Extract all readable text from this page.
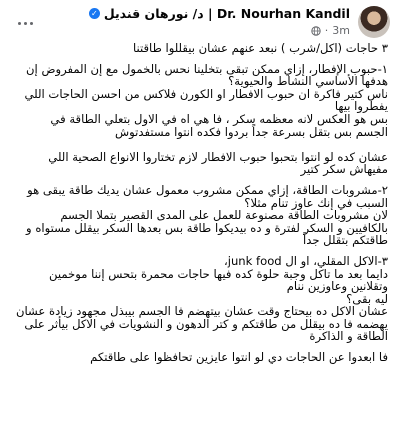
Dr. Nourhan Kandil | د/ نورهان قنديل
✓
3m
·

٣ حاجات (اكل/شرب ) نبعد عنهم عشان بيقللوا طاقتنا

١-حبوب الإفطار، إزاي ممكن تبقى بتخلينا نحس بالخمول مع إن المفروض إن
هدفها الأساسي النشاط والحيوية؟
ناس كتير فاكرة ان حبوب الافطار او الكورن فلاكس من احسن الحاجات اللي
يفطروا بيها
بس هو العكس لانه معظمه سكر ، فا هي اه في الاول بتعلي الطاقة في
الجسم بس بتقل بسرعة جداً بردوا فكده انتوا مستفدتوش

عشان كده لو انتوا بتحبوا حبوب الافطار لازم تختاروا الانواع الصحية اللي
مفيهاش سكر كتير

٢-مشروبات الطاقة، إزاي ممكن مشروب معمول عشان يديك طاقة يبقى هو
السبب في إنك عاوز تنام مثلا؟
لان مشروبات الطاقة مصنوعة للعمل على المدى القصير بتملا الجسم
بالكافيين و السكر لفترة و ده بيديكوا طاقة بس بعدها السكر بيقلل مستواه و
طاقتكم بتقلل جداً

٣-الاكل المقلي، او ال junk food،
دايما بعد ما تاكل وجبة حلوة كده فيها حاجات محمرة بتحس إننا موخمين
وتقلانين وعاوزين ننام
ليه بقى؟
عشان الاكل ده بيحتاج وقت عشان بيتهضم فا الجسم بيبذل مجهود زيادة عشان
يهضمه فا ده بيقلل من طاقتكم و كتر الدهون و النشويات في الاكل بيأثر على
الطاقة و الذاكرة

فا ابعدوا عن الحاجات دي لو انتوا عايزين تحافظوا على طاقتكم
